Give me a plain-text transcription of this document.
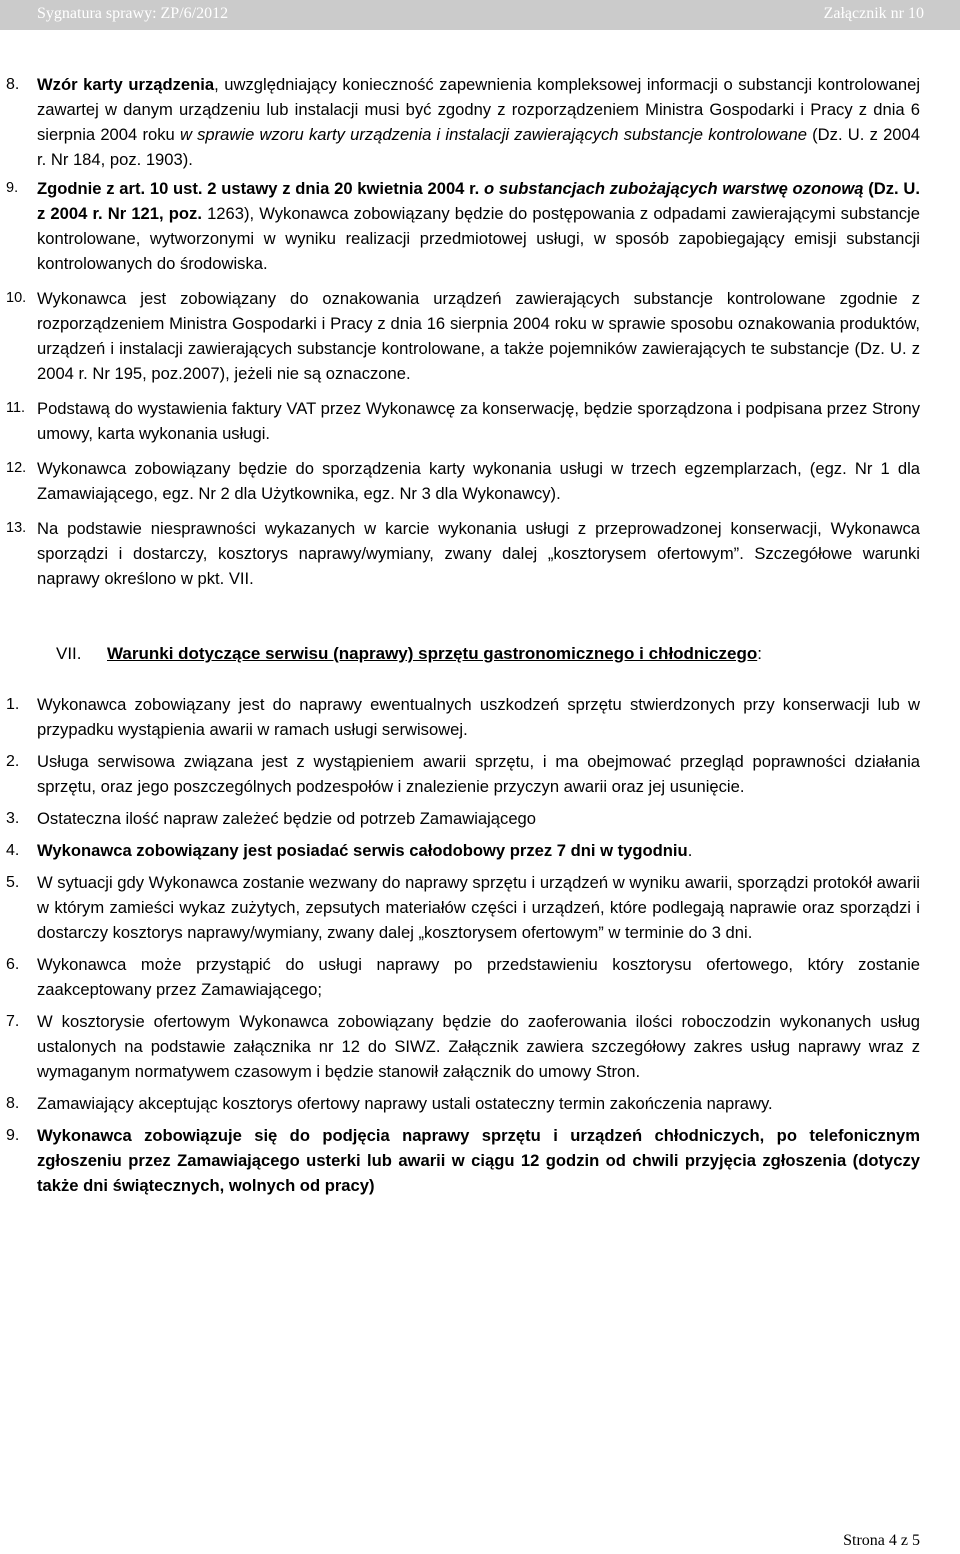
Sygnatura sprawy: ZP/6/2012	Załącznik nr 10
8. Wzór karty urządzenia, uwzględniający konieczność zapewnienia kompleksowej informacji o substancji kontrolowanej zawartej w danym urządzeniu lub instalacji musi być zgodny z rozporządzeniem Ministra Gospodarki i Pracy z dnia 6 sierpnia 2004 roku w sprawie wzoru karty urządzenia i instalacji zawierających substancje kontrolowane (Dz. U. z 2004 r. Nr 184, poz. 1903).
9. Zgodnie z art. 10 ust. 2 ustawy z dnia 20 kwietnia 2004 r. o substancjach zubożających warstwę ozonową (Dz. U. z 2004 r. Nr 121, poz. 1263), Wykonawca zobowiązany będzie do postępowania z odpadami zawierającymi substancje kontrolowane, wytworzonymi w wyniku realizacji przedmiotowej usługi, w sposób zapobiegający emisji substancji kontrolowanych do środowiska.
10. Wykonawca jest zobowiązany do oznakowania urządzeń zawierających substancje kontrolowane zgodnie z rozporządzeniem Ministra Gospodarki i Pracy z dnia 16 sierpnia 2004 roku w sprawie sposobu oznakowania produktów, urządzeń i instalacji zawierających substancje kontrolowane, a także pojemników zawierających te substancje (Dz. U. z 2004 r. Nr 195, poz.2007), jeżeli nie są oznaczone.
11. Podstawą do wystawienia faktury VAT przez Wykonawcę za konserwację, będzie sporządzona i podpisana przez Strony umowy, karta wykonania usługi.
12. Wykonawca zobowiązany będzie do sporządzenia karty wykonania usługi w trzech egzemplarzach, (egz. Nr 1 dla Zamawiającego, egz. Nr 2 dla Użytkownika, egz. Nr 3 dla Wykonawcy).
13. Na podstawie niesprawności wykazanych w karcie wykonania usługi z przeprowadzonej konserwacji, Wykonawca sporządzi i dostarczy, kosztorys naprawy/wymiany, zwany dalej „kosztorysem ofertowym”. Szczegółowe warunki naprawy określono w pkt. VII.
VII. Warunki dotyczące serwisu (naprawy) sprzętu gastronomicznego i chłodniczego:
1. Wykonawca zobowiązany jest do naprawy ewentualnych uszkodzeń sprzętu stwierdzonych przy konserwacji lub w przypadku wystąpienia awarii w ramach usługi serwisowej.
2. Usługa serwisowa związana jest z wystąpieniem awarii sprzętu, i ma obejmować przegląd poprawności działania sprzętu, oraz jego poszczególnych podzespołów i znalezienie przyczyn awarii oraz jej usunięcie.
3. Ostateczna ilość napraw zależeć będzie od potrzeb Zamawiającego
4. Wykonawca zobowiązany jest posiadać serwis całodobowy przez 7 dni w tygodniu.
5. W sytuacji gdy Wykonawca zostanie wezwany do naprawy sprzętu i urządzeń w wyniku awarii, sporządzi protokół awarii w którym zamieści wykaz zużytych, zepsutych materiałów części i urządzeń, które podlegają naprawie oraz sporządzi i dostarczy kosztorys naprawy/wymiany, zwany dalej „kosztorysem ofertowym” w terminie do 3 dni.
6. Wykonawca może przystąpić do usługi naprawy po przedstawieniu kosztorysu ofertowego, który zostanie zaakceptowany przez Zamawiającego;
7. W kosztorysie ofertowym Wykonawca zobowiązany będzie do zaoferowania ilości roboczodzin wykonanych usług ustalonych na podstawie załącznika nr 12 do SIWZ. Załącznik zawiera szczegółowy zakres usług naprawy wraz z wymaganym normatywem czasowym i będzie stanowił załącznik do umowy Stron.
8. Zamawiający akceptując kosztorys ofertowy naprawy ustali ostateczny termin zakończenia naprawy.
9. Wykonawca zobowiązuje się do podjęcia naprawy sprzętu i urządzeń chłodniczych, po telefonicznym zgłoszeniu przez Zamawiającego usterki lub awarii w ciągu 12 godzin od chwili przyjęcia zgłoszenia (dotyczy także dni świątecznych, wolnych od pracy)
Strona 4 z 5
